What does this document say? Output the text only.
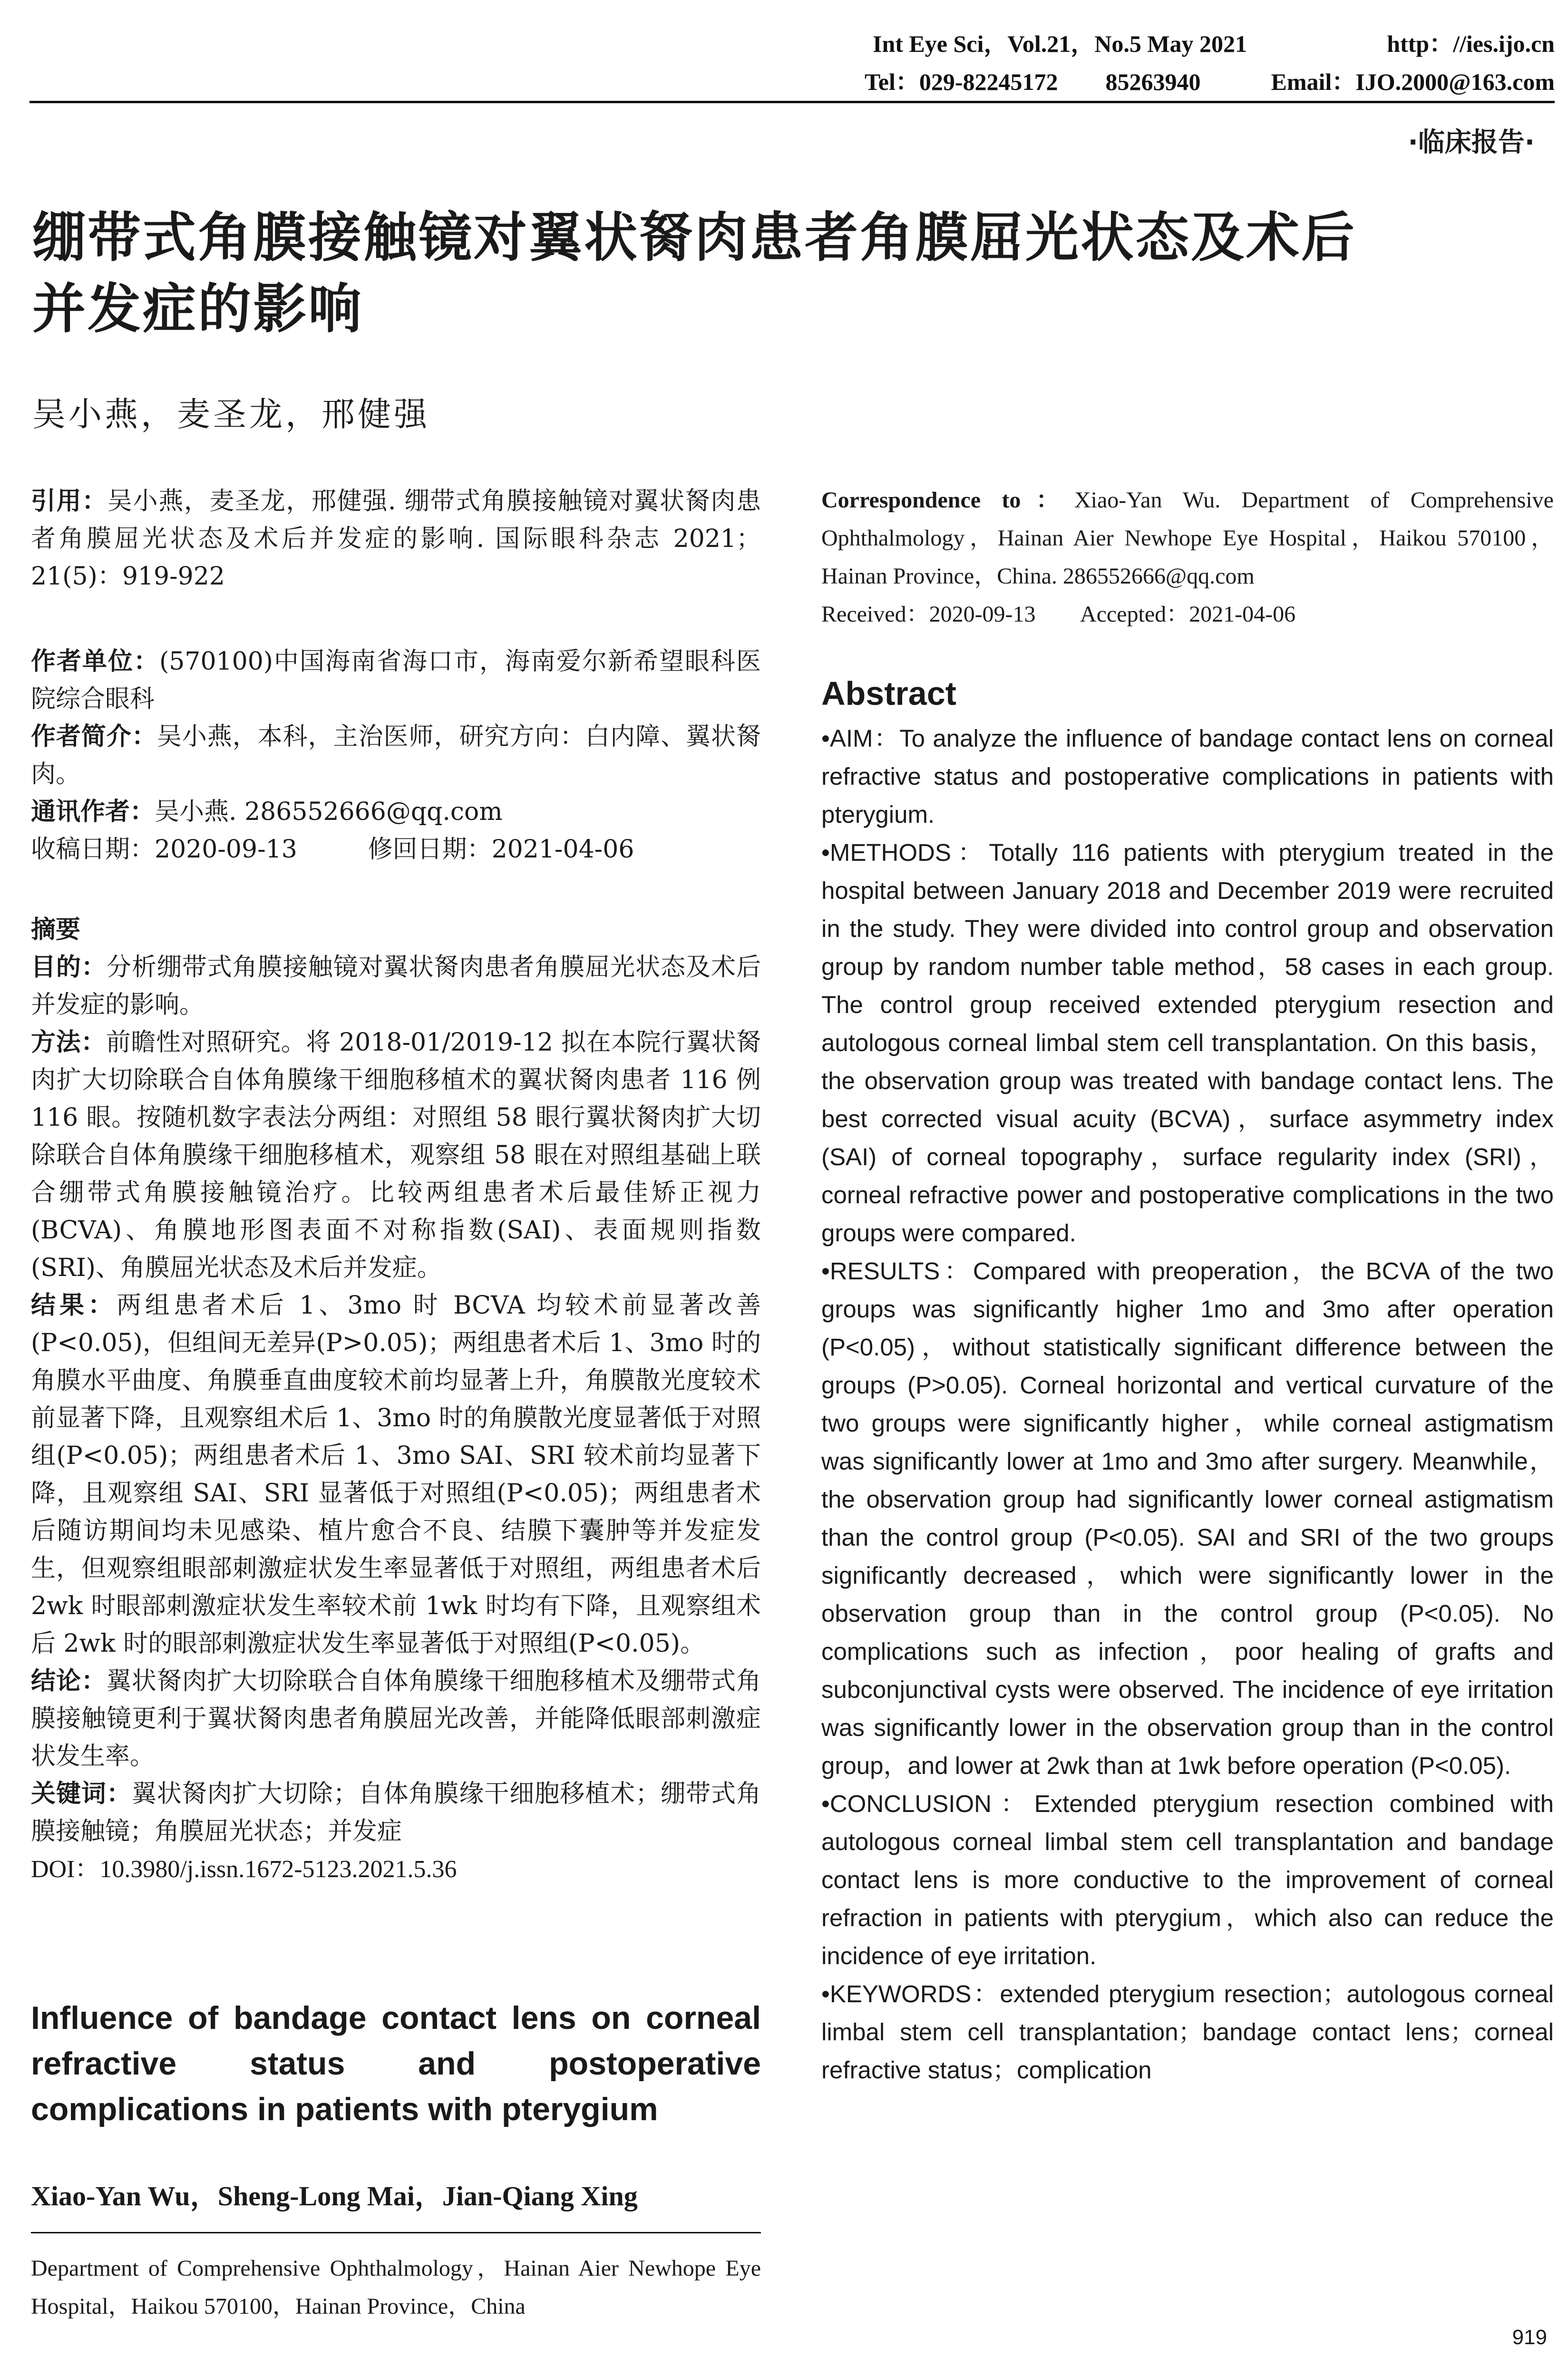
Int Eye Sci，Vol.21，No.5 May 2021	http：//ies.ijo.cn
Tel：029-82245172　　85263940	Email：IJO.2000@163.com
·临床报告·
绷带式角膜接触镜对翼状胬肉患者角膜屈光状态及术后
并发症的影响
吴小燕，麦圣龙，邢健强

引用：吴小燕，麦圣龙，邢健强. 绷带式角膜接触镜对翼状胬肉患者角膜屈光状态及术后并发症的影响. 国际眼科杂志 2021；21(5)：919-922

作者单位：(570100)中国海南省海口市，海南爱尔新希望眼科医院综合眼科

作者简介：吴小燕，本科，主治医师，研究方向：白内障、翼状胬肉。

通讯作者：吴小燕. 286552666@qq.com

收稿日期：2020-09-13	修回日期：2021-04-06

摘要

目的：分析绷带式角膜接触镜对翼状胬肉患者角膜屈光状态及术后并发症的影响。

方法：前瞻性对照研究。将 2018-01/2019-12 拟在本院行翼状胬肉扩大切除联合自体角膜缘干细胞移植术的翼状胬肉患者 116 例 116 眼。按随机数字表法分两组：对照组 58 眼行翼状胬肉扩大切除联合自体角膜缘干细胞移植术，观察组 58 眼在对照组基础上联合绷带式角膜接触镜治疗。比较两组患者术后最佳矫正视力(BCVA)、角膜地形图表面不对称指数(SAI)、表面规则指数(SRI)、角膜屈光状态及术后并发症。

结果：两组患者术后 1、3mo 时 BCVA 均较术前显著改善(P<0.05)，但组间无差异(P>0.05)；两组患者术后 1、3mo 时的角膜水平曲度、角膜垂直曲度较术前均显著上升，角膜散光度较术前显著下降，且观察组术后 1、3mo 时的角膜散光度显著低于对照组(P<0.05)；两组患者术后 1、3mo SAI、SRI 较术前均显著下降，且观察组 SAI、SRI 显著低于对照组(P<0.05)；两组患者术后随访期间均未见感染、植片愈合不良、结膜下囊肿等并发症发生，但观察组眼部刺激症状发生率显著低于对照组，两组患者术后 2wk 时眼部刺激症状发生率较术前 1wk 时均有下降，且观察组术后 2wk 时的眼部刺激症状发生率显著低于对照组(P<0.05)。

结论：翼状胬肉扩大切除联合自体角膜缘干细胞移植术及绷带式角膜接触镜更利于翼状胬肉患者角膜屈光改善，并能降低眼部刺激症状发生率。

关键词：翼状胬肉扩大切除；自体角膜缘干细胞移植术；绷带式角膜接触镜；角膜屈光状态；并发症

DOI：10.3980/j.issn.1672-5123.2021.5.36

Influence of bandage contact lens on corneal refractive status and postoperative complications in patients with pterygium
Xiao-Yan Wu，Sheng-Long Mai，Jian-Qiang Xing
Department of Comprehensive Ophthalmology，Hainan Aier Newhope Eye Hospital，Haikou 570100，Hainan Province，China

Correspondence to：Xiao-Yan Wu. Department of Comprehensive Ophthalmology，Hainan Aier Newhope Eye Hospital，Haikou 570100，Hainan Province，China. 286552666@qq.com

Received：2020-09-13 Accepted：2021-04-06

Abstract

•AIM：To analyze the influence of bandage contact lens on corneal refractive status and postoperative complications in patients with pterygium.

•METHODS：Totally 116 patients with pterygium treated in the hospital between January 2018 and December 2019 were recruited in the study. They were divided into control group and observation group by random number table method，58 cases in each group. The control group received extended pterygium resection and autologous corneal limbal stem cell transplantation. On this basis，the observation group was treated with bandage contact lens. The best corrected visual acuity (BCVA)，surface asymmetry index (SAI) of corneal topography，surface regularity index (SRI)，corneal refractive power and postoperative complications in the two groups were compared.

•RESULTS：Compared with preoperation，the BCVA of the two groups was significantly higher 1mo and 3mo after operation (P<0.05)，without statistically significant difference between the groups (P>0.05). Corneal horizontal and vertical curvature of the two groups were significantly higher，while corneal astigmatism was significantly lower at 1mo and 3mo after surgery. Meanwhile，the observation group had significantly lower corneal astigmatism than the control group (P<0.05). SAI and SRI of the two groups significantly decreased，which were significantly lower in the observation group than in the control group (P<0.05). No complications such as infection，poor healing of grafts and subconjunctival cysts were observed. The incidence of eye irritation was significantly lower in the observation group than in the control group，and lower at 2wk than at 1wk before operation (P<0.05).

•CONCLUSION：Extended pterygium resection combined with autologous corneal limbal stem cell transplantation and bandage contact lens is more conductive to the improvement of corneal refraction in patients with pterygium，which also can reduce the incidence of eye irritation.

•KEYWORDS：extended pterygium resection；autologous corneal limbal stem cell transplantation；bandage contact lens；corneal refractive status；complication

919
